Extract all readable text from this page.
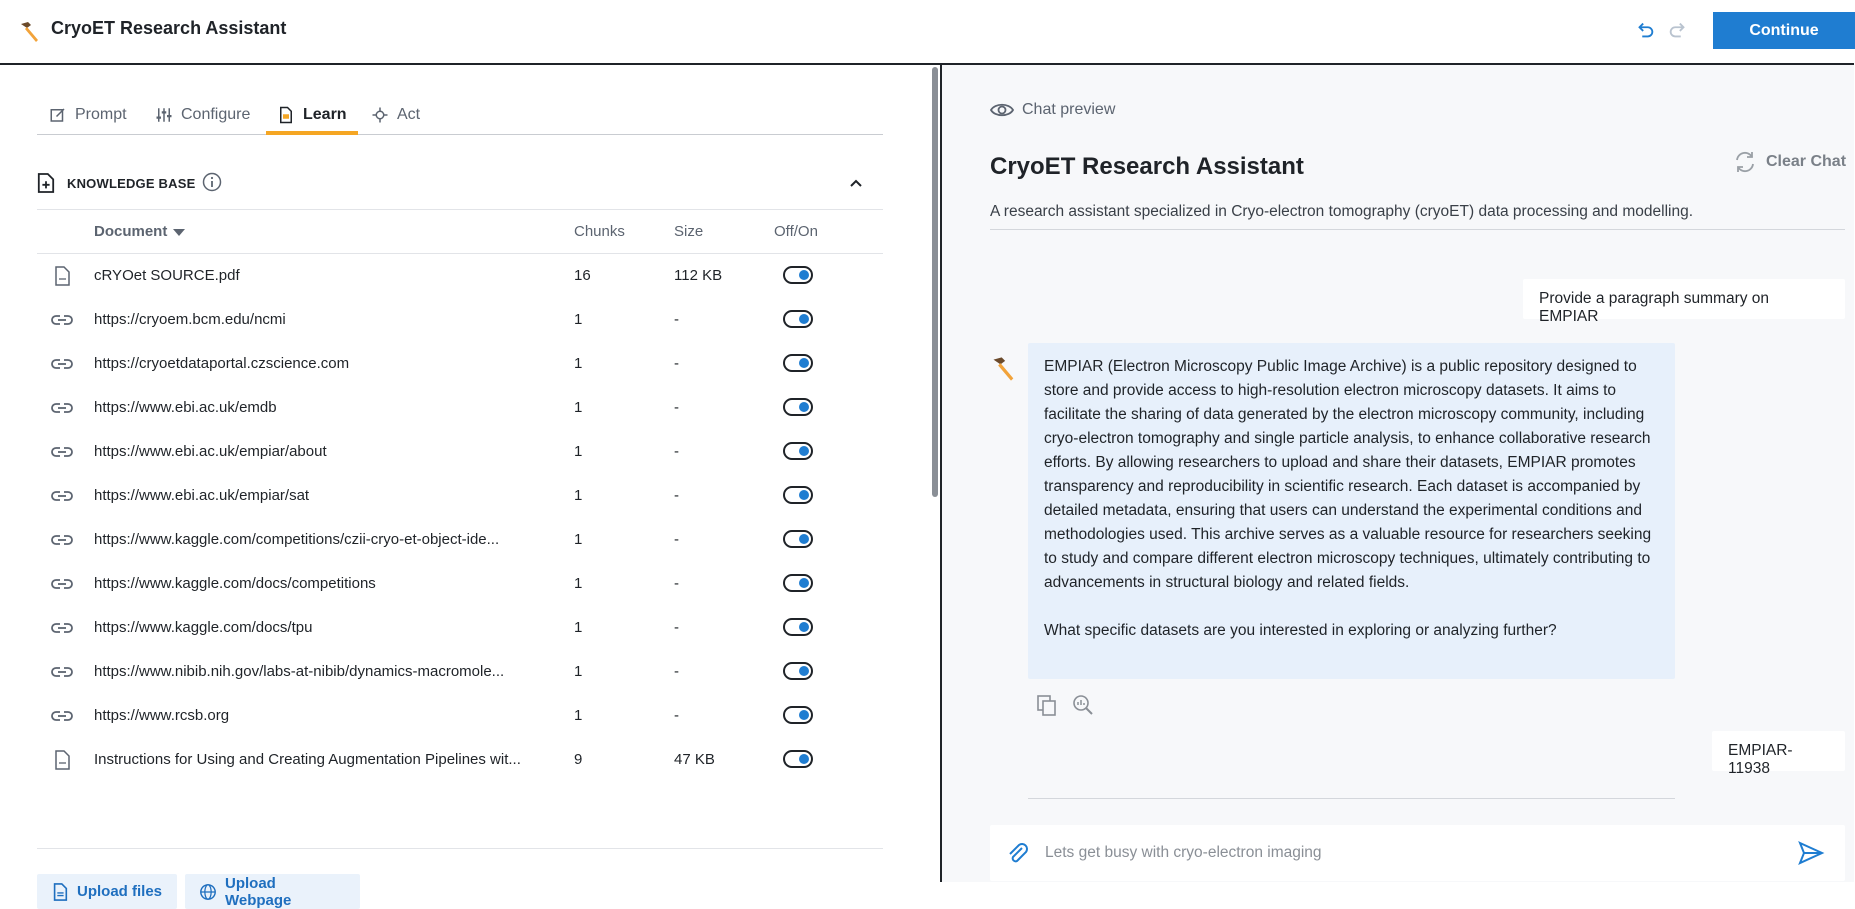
CryoET Research Assistant	Continue
Prompt	Configure	Learn	Act
KNOWLEDGE BASE
Document	Chunks	Size	Off/On
cRYOet SOURCE.pdf	16	112 KB
https://cryoem.bcm.edu/ncmi	1	-
https://cryoetdataportal.czscience.com	1	-
https://www.ebi.ac.uk/emdb	1	-
https://www.ebi.ac.uk/empiar/about	1	-
https://www.ebi.ac.uk/empiar/sat	1	-
https://www.kaggle.com/competitions/czii-cryo-et-object-ide...	1	-
https://www.kaggle.com/docs/competitions	1	-
https://www.kaggle.com/docs/tpu	1	-
https://www.nibib.nih.gov/labs-at-nibib/dynamics-macromole...	1	-
https://www.rcsb.org	1	-
Instructions for Using and Creating Augmentation Pipelines wit...	9	47 KB
Upload files	Upload Webpage
Chat preview
CryoET Research Assistant	Clear Chat
A research assistant specialized in Cryo-electron tomography (cryoET) data processing and modelling.
Provide a paragraph summary on EMPIAR

EMPIAR (Electron Microscopy Public Image Archive) is a public repository designed to store and provide access to high-resolution electron microscopy datasets. It aims to facilitate the sharing of data generated by the electron microscopy community, including cryo-electron tomography and single particle analysis, to enhance collaborative research efforts. By allowing researchers to upload and share their datasets, EMPIAR promotes transparency and reproducibility in scientific research. Each dataset is accompanied by detailed metadata, ensuring that users can understand the experimental conditions and methodologies used. This archive serves as a valuable resource for researchers seeking to study and compare different electron microscopy techniques, ultimately contributing to advancements in structural biology and related fields.

What specific datasets are you interested in exploring or analyzing further?

EMPIAR-11938
Lets get busy with cryo-electron imaging
